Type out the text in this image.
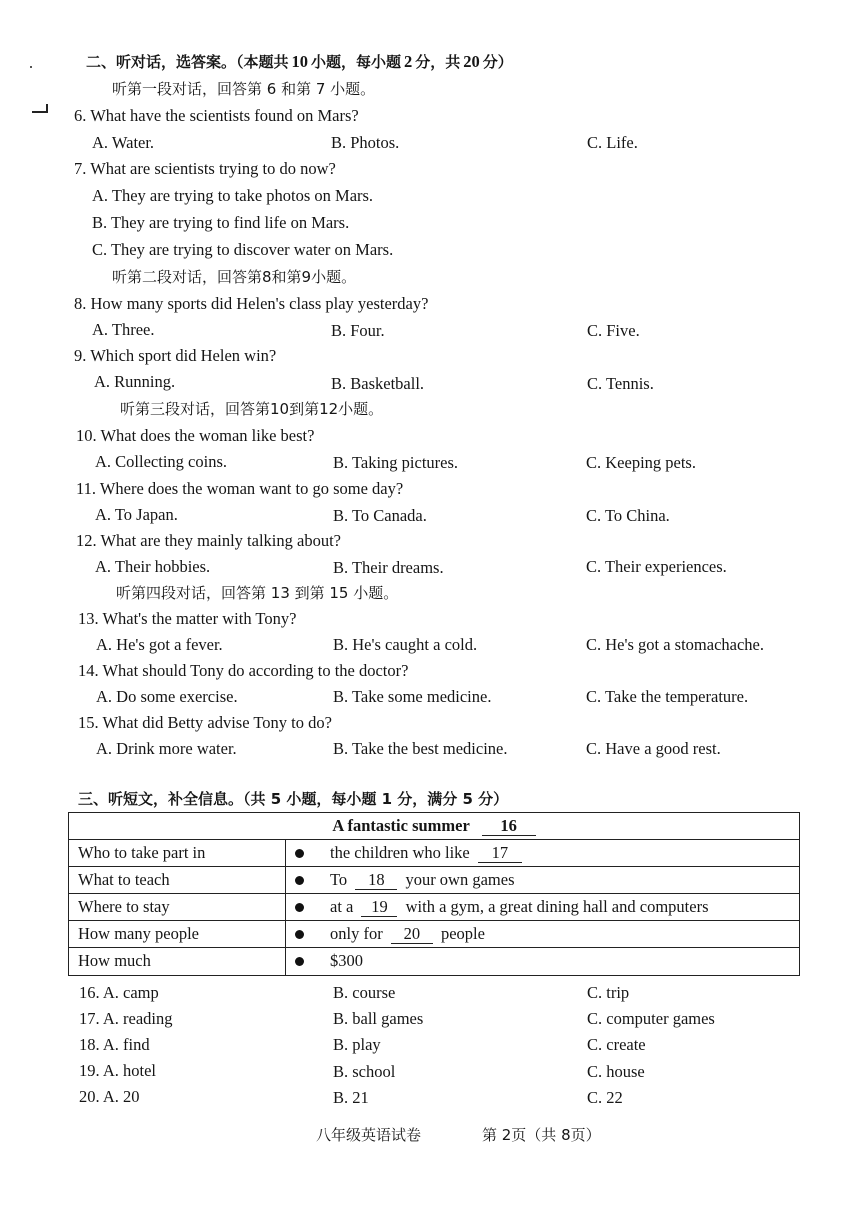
二、听对话，选答案。（本题共 10 小题，每小题 2 分，共 20 分）
听第一段对话，回答第 6 和第 7 小题。
6. What have the scientists found on Mars?
A. Water.	B. Photos.	C. Life.
7. What are scientists trying to do now?
A. They are trying to take photos on Mars.
B. They are trying to find life on Mars.
C. They are trying to discover water on Mars.
听第二段对话，回答第8和第9小题。
8. How many sports did Helen's class play yesterday?
A. Three.	B. Four.	C. Five.
9. Which sport did Helen win?
A. Running.	B. Basketball.	C. Tennis.
听第三段对话，回答第10到第12小题。
10. What does the woman like best?
A. Collecting coins.	B. Taking pictures.	C. Keeping pets.
11. Where does the woman want to go some day?
A. To Japan.	B. To Canada.	C. To China.
12. What are they mainly talking about?
A. Their hobbies.	B. Their dreams.	C. Their experiences.
听第四段对话，回答第 13 到第 15 小题。
13. What's the matter with Tony?
A. He's got a fever.	B. He's caught a cold.	C. He's got a stomachache.
14. What should Tony do according to the doctor?
A. Do some exercise.	B. Take some medicine.	C. Take the temperature.
15. What did Betty advise Tony to do?
A. Drink more water.	B. Take the best medicine.	C. Have a good rest.
三、听短文，补全信息。（共 5 小题，每小题 1 分，满分 5 分）
A fantastic summer 16
Who to take part in	the children who like 17
What to teach	To 18 your own games
Where to stay	at a 19 with a gym, a great dining hall and computers
How many people	only for 20 people
How much	$300
16. A. camp	B. course	C. trip
17. A. reading	B. ball games	C. computer games
18. A. find	B. play	C. create
19. A. hotel	B. school	C. house
20. A. 20	B. 21	C. 22
八年级英语试卷	第 2页（共 8页）
